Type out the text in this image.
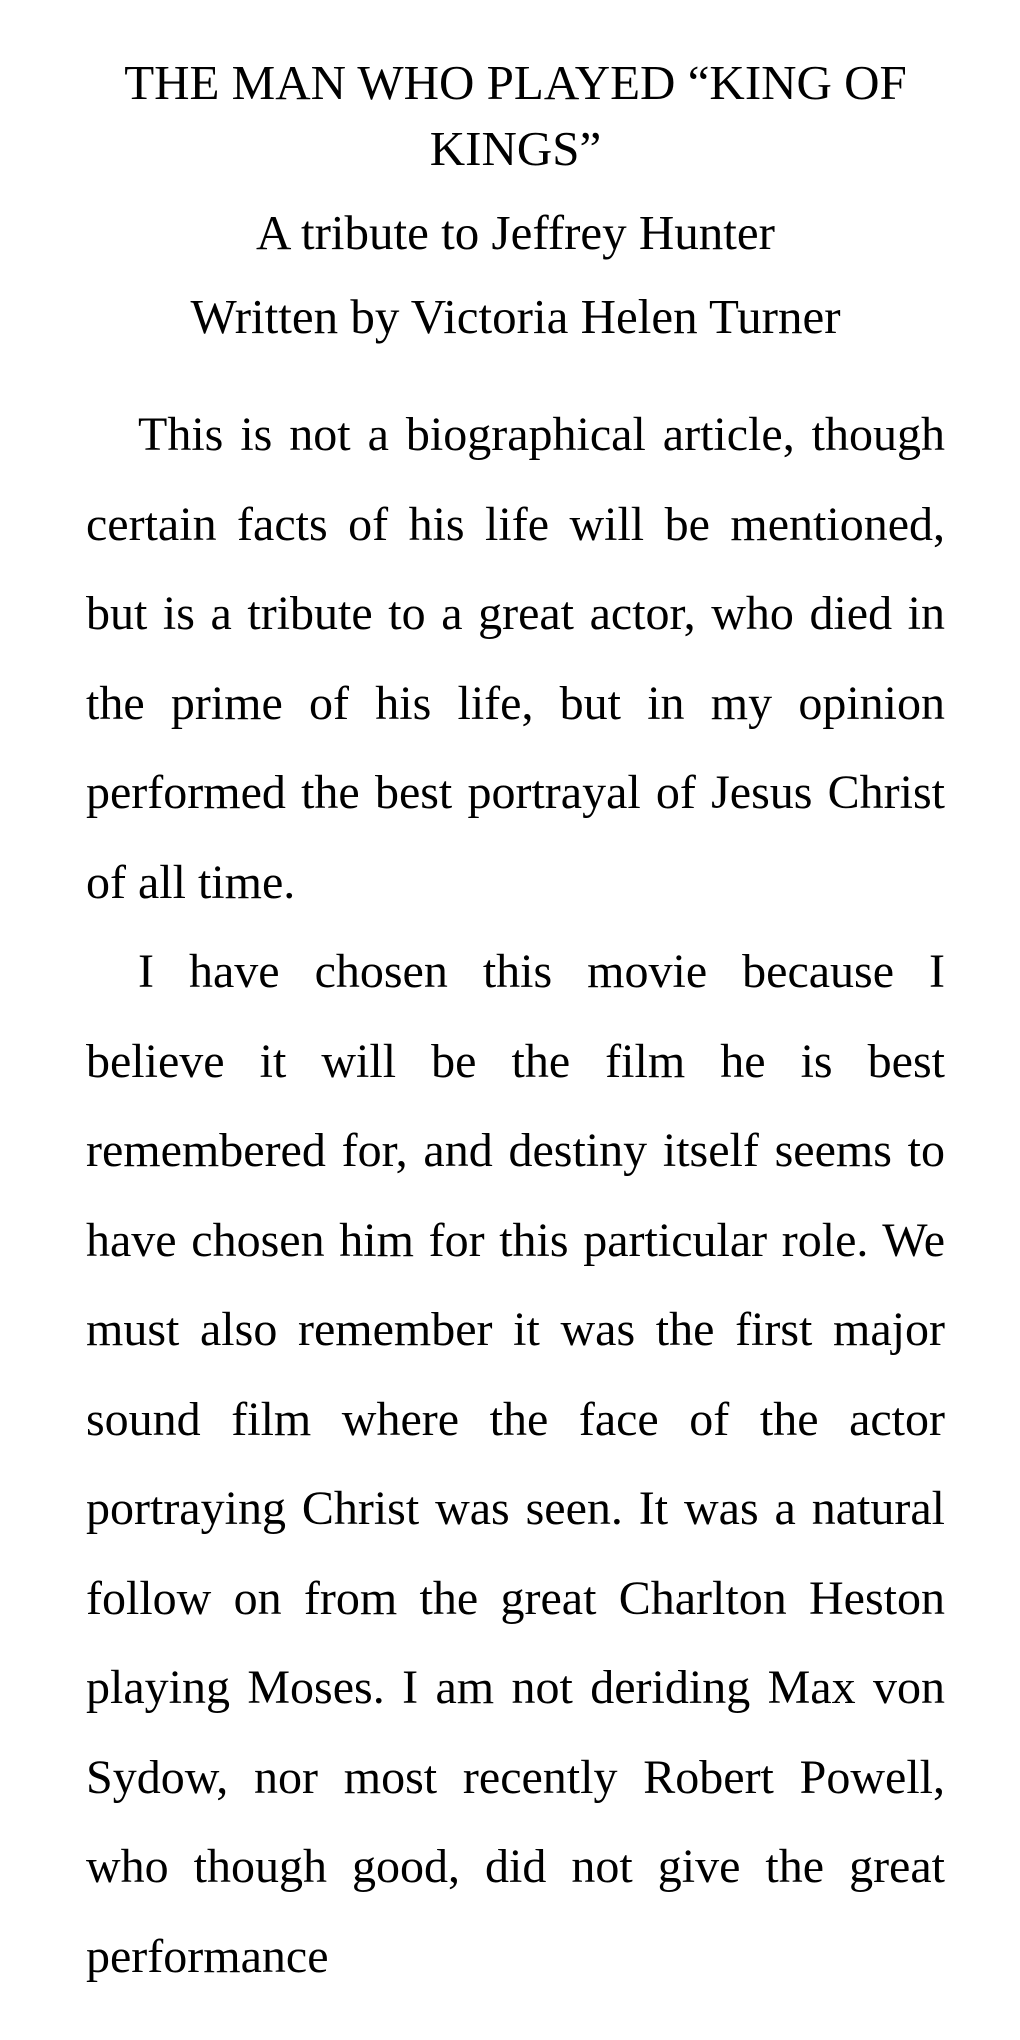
THE MAN WHO PLAYED “KING OF KINGS”

A tribute to Jeffrey Hunter

Written by Victoria Helen Turner

This is not a biographical article, though certain facts of his life will be mentioned, but is a tribute to a great actor, who died in the prime of his life, but in my opinion performed the best portrayal of Jesus Christ of all time.

I have chosen this movie because I believe it will be the film he is best remembered for, and destiny itself seems to have chosen him for this particular role. We must also remember it was the first major sound film where the face of the actor portraying Christ was seen. It was a natural follow on from the great Charlton Heston playing Moses. I am not deriding Max von Sydow, nor most recently Robert Powell, who though good, did not give the great performance
